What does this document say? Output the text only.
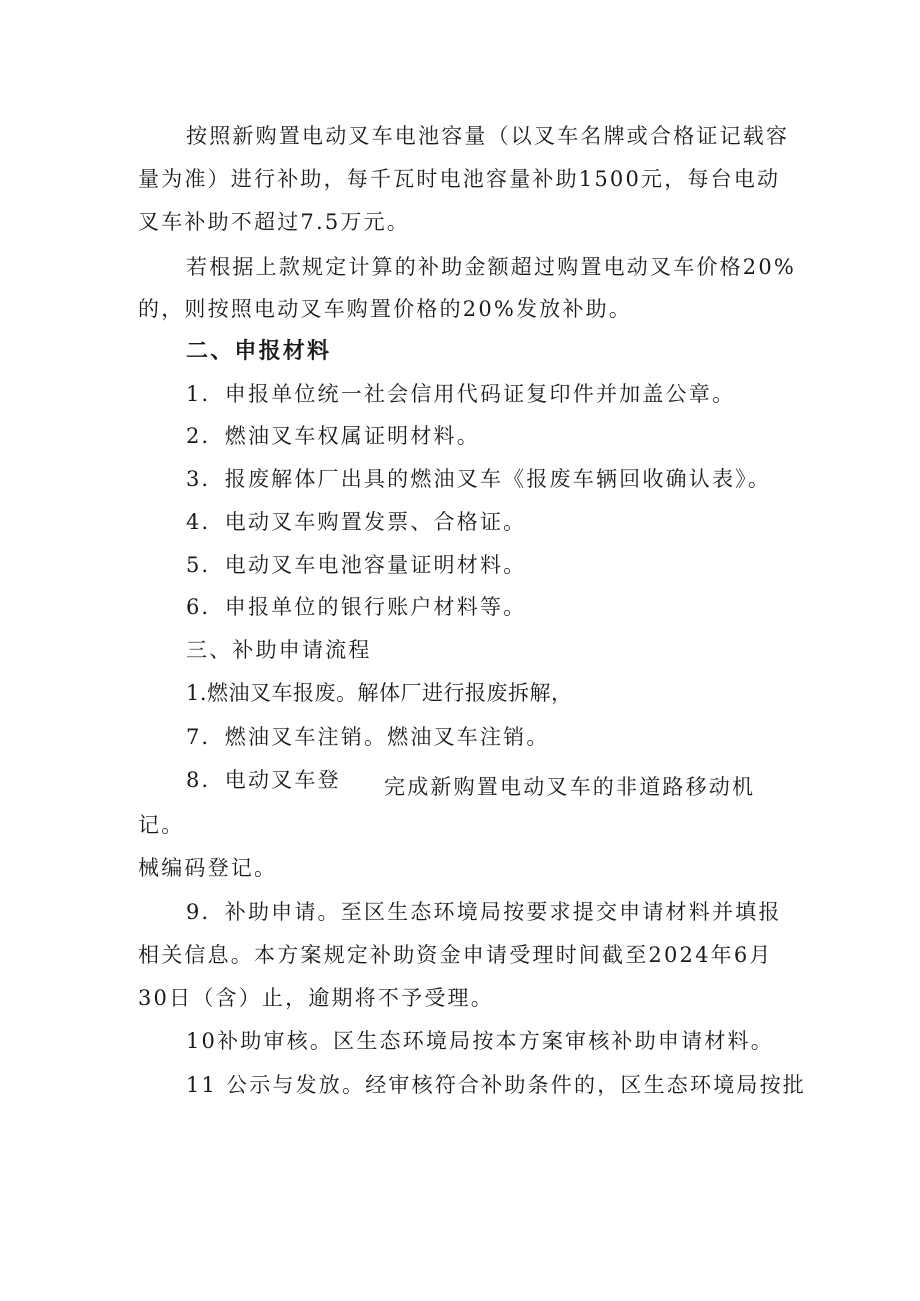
按照新购置电动叉车电池容量（以叉车名牌或合格证记载容

量为准）进行补助，每千瓦时电池容量补助1500元，每台电动

叉车补助不超过7.5万元。

若根据上款规定计算的补助金额超过购置电动叉车价格20%

的，则按照电动叉车购置价格的20%发放补助。

二、申报材料

1．申报单位统一社会信用代码证复印件并加盖公章。

2．燃油叉车权属证明材料。

3．报废解体厂出具的燃油叉车《报废车辆回收确认表》。

4．电动叉车购置发票、合格证。

5．电动叉车电池容量证明材料。

6．申报单位的银行账户材料等。

三、补助申请流程

1.燃油叉车报废。解体厂进行报废拆解，

7．燃油叉车注销。燃油叉车注销。

8．电动叉车登 完成新购置电动叉车的非道路移动机

记。

械编码登记。

9．补助申请。至区生态环境局按要求提交申请材料并填报

相关信息。本方案规定补助资金申请受理时间截至2024年6月

30日（含）止，逾期将不予受理。

10补助审核。区生态环境局按本方案审核补助申请材料。

11 公示与发放。经审核符合补助条件的，区生态环境局按批
